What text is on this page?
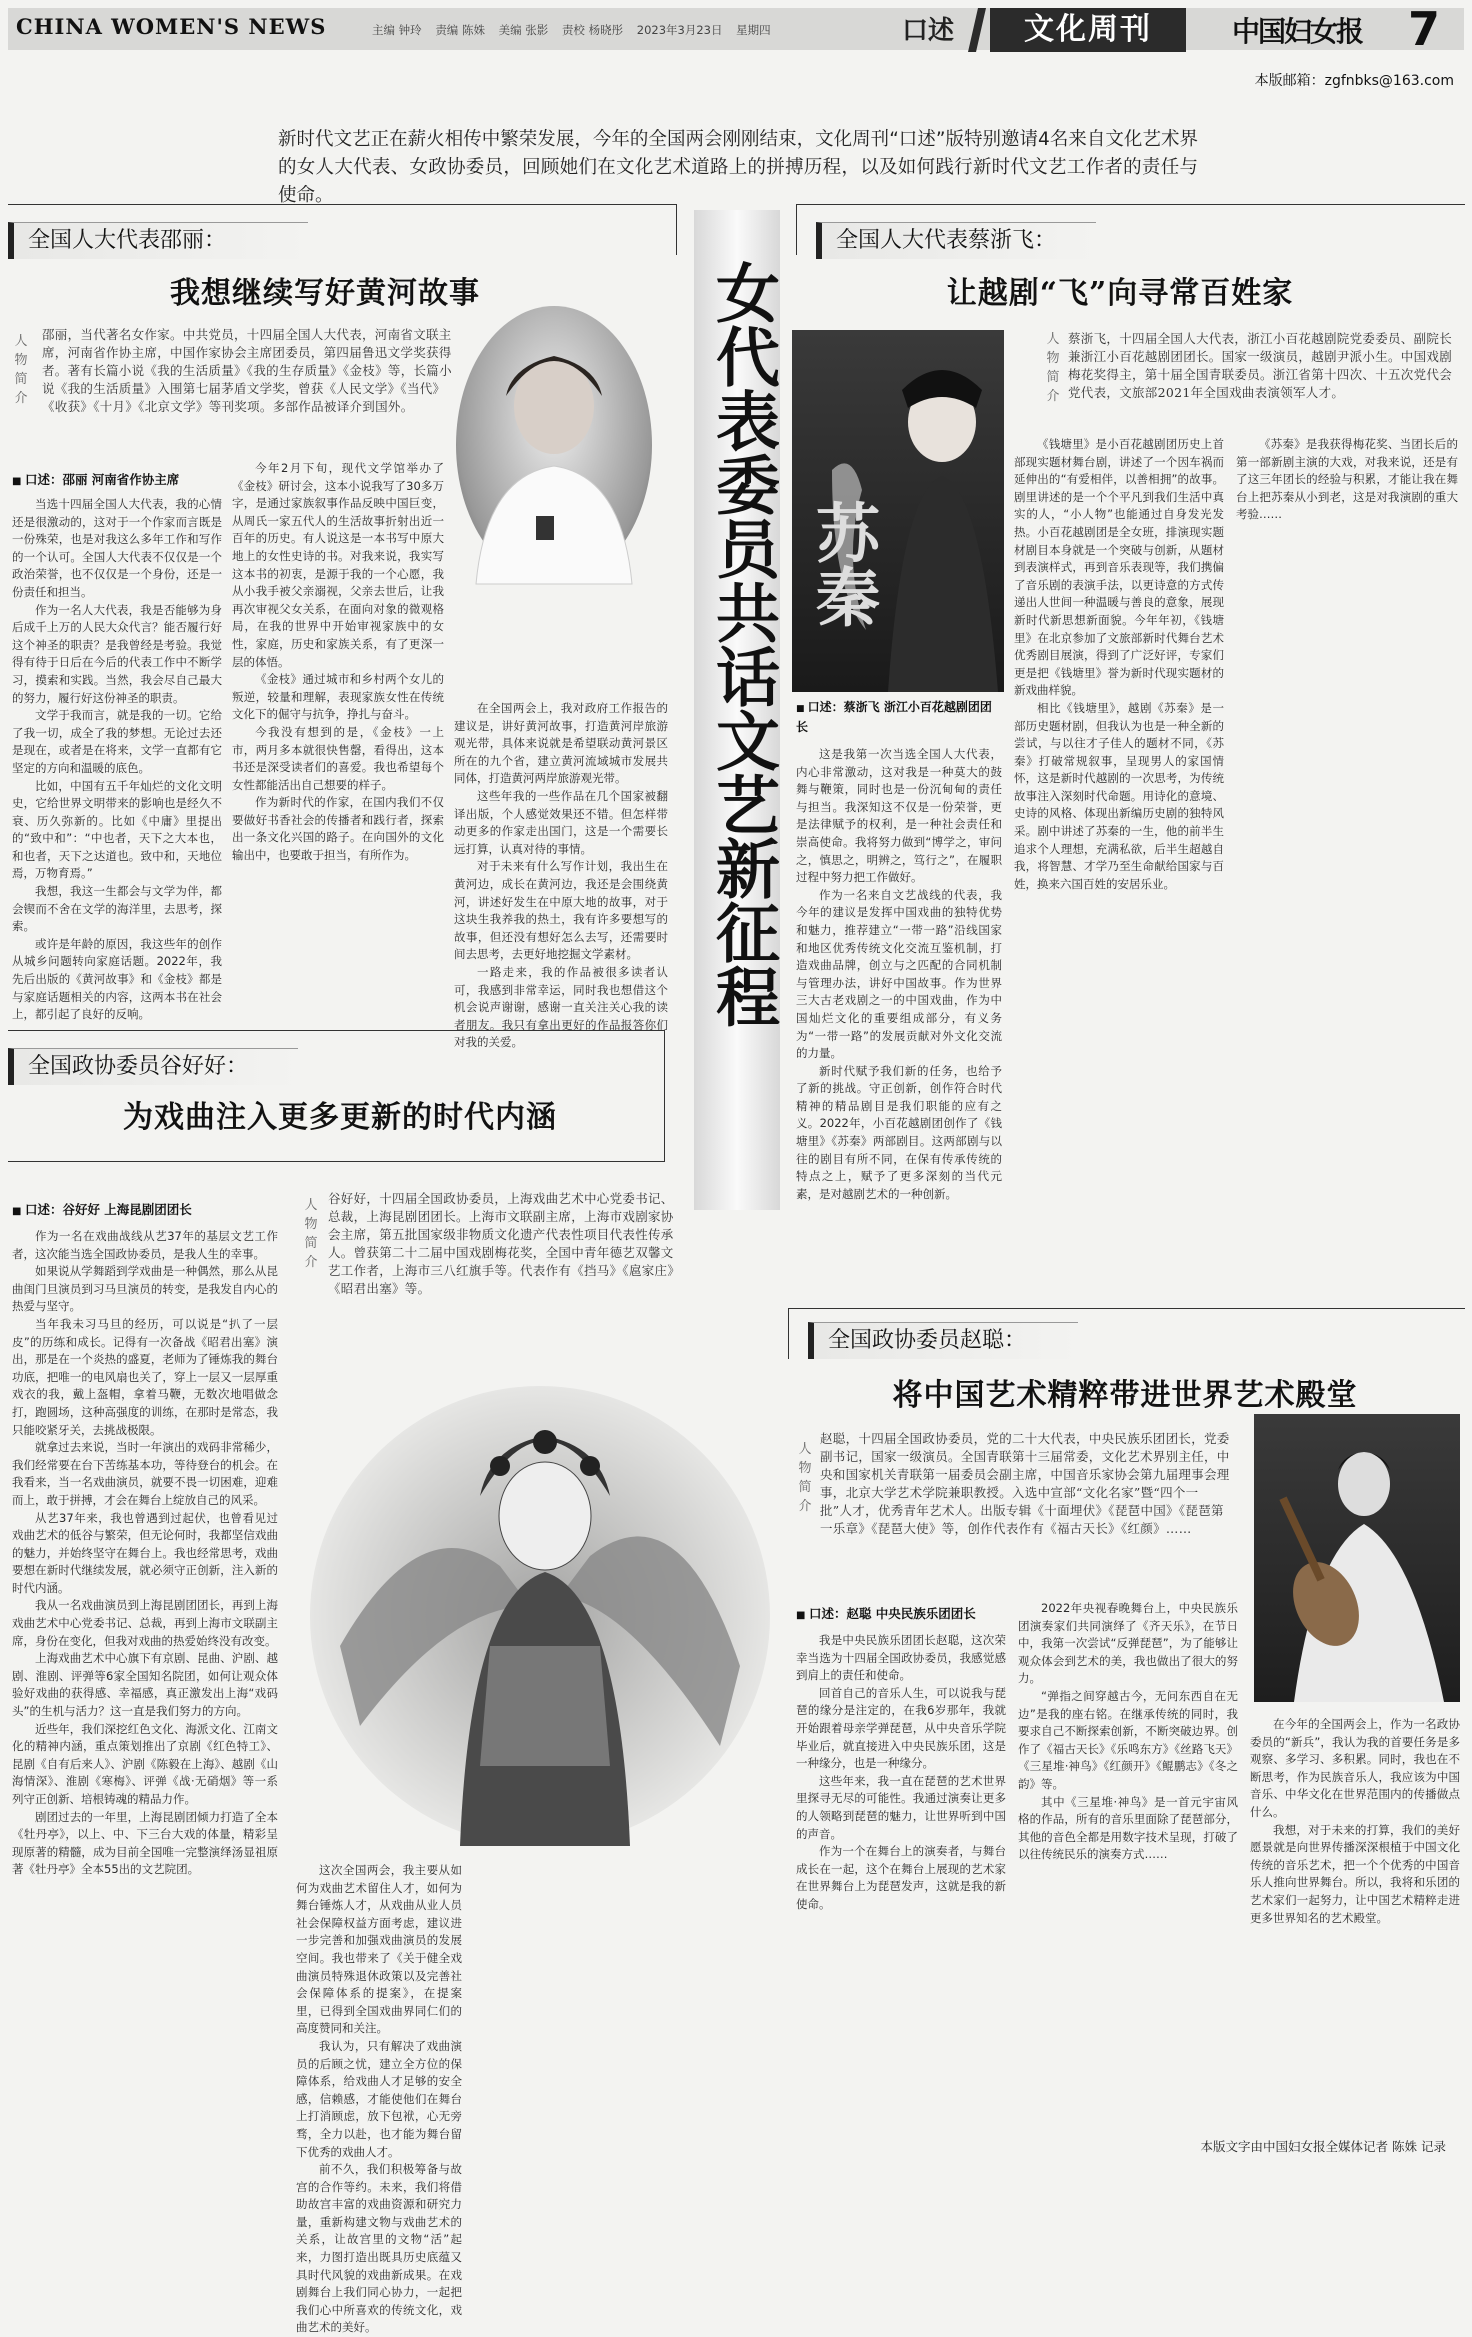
CHINA WOMEN'S NEWS	主编 钟玲 责编 陈姝 美编 张影 责校 杨晓彤 2023年3月23日 星期四	口述	文化周刊	中国妇女报 7
本版邮箱：zgfnbks@163.com
新时代文艺正在薪火相传中繁荣发展，今年的全国两会刚刚结束，文化周刊“口述”版特别邀请4名来自文化艺术界的女人大代表、女政协委员，回顾她们在文化艺术道路上的拼搏历程，以及如何践行新时代文艺工作者的责任与使命。
女代表委员共话文艺新征程
全国人大代表邵丽：
我想继续写好黄河故事
人物简介
邵丽，当代著名女作家。中共党员，十四届全国人大代表，河南省文联主席，河南省作协主席，中国作家协会主席团委员，第四届鲁迅文学奖获得者。著有长篇小说《我的生活质量》《我的生存质量》《金枝》等，长篇小说《我的生活质量》入围第七届茅盾文学奖，曾获《人民文学》《当代》《收获》《十月》《北京文学》等刊奖项。多部作品被译介到国外。
■ 口述：邵丽 河南省作协主席

当选十四届全国人大代表，我的心情还是很激动的，这对于一个作家而言既是一份殊荣，也是对我这么多年工作和写作的一个认可。全国人大代表不仅仅是一个政治荣誉，也不仅仅是一个身份，还是一份责任和担当。

作为一名人大代表，我是否能够为身后成千上万的人民大众代言？能否履行好这个神圣的职责？是我曾经是考验。我觉得有待于日后在今后的代表工作中不断学习，摸索和实践。当然，我会尽自己最大的努力，履行好这份神圣的职责。

文学于我而言，就是我的一切。它给了我一切，成全了我的梦想。无论过去还是现在，或者是在将来，文学一直都有它坚定的方向和温暖的底色。

比如，中国有五千年灿烂的文化文明史，它给世界文明带来的影响也是经久不衰、历久弥新的。比如《中庸》里提出的“致中和”：“中也者，天下之大本也，和也者，天下之达道也。致中和，天地位焉，万物育焉。”

我想，我这一生都会与文学为伴，都会锲而不舍在文学的海洋里，去思考，探索。

或许是年龄的原因，我这些年的创作从城乡问题转向家庭话题。2022年，我先后出版的《黄河故事》和《金枝》都是与家庭话题相关的内容，这两本书在社会上，都引起了良好的反响。

今年2月下旬，现代文学馆举办了《金枝》研讨会，这本小说我写了30多万字，是通过家族叙事作品反映中国巨变，从周氏一家五代人的生活故事折射出近一百年的历史。有人说这是一本书写中原大地上的女性史诗的书。对我来说，我实写这本书的初衷，是源于我的一个心愿，我从小我手被父亲溺视，父亲去世后，让我再次审视父女关系，在面向对象的微观格局，在我的世界中开始审视家族中的女性，家庭，历史和家族关系，有了更深一层的体悟。

《金枝》通过城市和乡村两个女儿的叛逆，较量和理解，表现家族女性在传统文化下的倔守与抗争，挣扎与奋斗。

今我没有想到的是，《金枝》一上市，两月多本就很快售罄，看得出，这本书还是深受读者们的喜爱。我也希望每个女性都能活出自己想要的样子。

作为新时代的作家，在国内我们不仅要做好书香社会的传播者和践行者，探索出一条文化兴国的路子。在向国外的文化输出中，也要敢于担当，有所作为。

在全国两会上，我对政府工作报告的建议是，讲好黄河故事，打造黄河岸旅游观光带，具体来说就是希望联动黄河景区所在的九个省，建立黄河流域城市发展共同体，打造黄河两岸旅游观光带。

这些年我的一些作品在几个国家被翻译出版，个人感觉效果还不错。但怎样带动更多的作家走出国门，这是一个需要长远打算，认真对待的事情。

对于未来有什么写作计划，我出生在黄河边，成长在黄河边，我还是会围绕黄河，讲述好发生在中原大地的故事，对于这块生我养我的热土，我有许多要想写的故事，但还没有想好怎么去写，还需要时间去思考，去更好地挖掘文学素材。

一路走来，我的作品被很多读者认可，我感到非常幸运，同时我也想借这个机会说声谢谢，感谢一直关注关心我的读者朋友。我只有拿出更好的作品报答你们对我的关爱。

全国人大代表蔡浙飞：
让越剧“飞”向寻常百姓家
苏秦
■ 口述：蔡浙飞 浙江小百花越剧团团长
人物简介
蔡浙飞，十四届全国人大代表，浙江小百花越剧院党委委员、副院长兼浙江小百花越剧团团长。国家一级演员，越剧尹派小生。中国戏剧梅花奖得主，第十届全国青联委员。浙江省第十四次、十五次党代会党代表，文旅部2021年全国戏曲表演领军人才。

这是我第一次当选全国人大代表，内心非常激动，这对我是一种莫大的鼓舞与鞭策，同时也是一份沉甸甸的责任与担当。我深知这不仅是一份荣誉，更是法律赋予的权利，是一种社会责任和崇高使命。我将努力做到“博学之，审问之，慎思之，明辨之，笃行之”，在履职过程中努力把工作做好。

作为一名来自文艺战线的代表，我今年的建议是发挥中国戏曲的独特优势和魅力，推荐建立“一带一路”沿线国家和地区优秀传统文化交流互鉴机制，打造戏曲品牌，创立与之匹配的合同机制与管理办法，讲好中国故事。作为世界三大古老戏剧之一的中国戏曲，作为中国灿烂文化的重要组成部分，有义务为“一带一路”的发展贡献对外文化交流的力量。

新时代赋予我们新的任务，也给予了新的挑战。守正创新，创作符合时代精神的精品剧目是我们职能的应有之义。2022年，小百花越剧团创作了《钱塘里》《苏秦》两部剧目。这两部剧与以往的剧目有所不同，在保有传承传统的特点之上，赋予了更多深刻的当代元素，是对越剧艺术的一种创新。

《钱塘里》是小百花越剧团历史上首部现实题材舞台剧，讲述了一个因车祸而延伸出的“有爱相伴，以善相拥”的故事。剧里讲述的是一个个平凡到我们生活中真实的人，“小人物”也能通过自身发光发热。小百花越剧团是全女班，排演现实题材剧目本身就是一个突破与创新，从题材到表演样式，再到音乐表现等，我们携偏了音乐剧的表演手法，以更诗意的方式传递出人世间一种温暖与善良的意象，展现新时代新思想新面貌。今年年初，《钱塘里》在北京参加了文旅部新时代舞台艺术优秀剧目展演，得到了广泛好评，专家们更是把《钱塘里》誉为新时代现实题材的新戏曲样貌。

相比《钱塘里》，越剧《苏秦》是一部历史题材剧，但我认为也是一种全新的尝试，与以往才子佳人的题材不同，《苏秦》打破常规叙事，呈现男人的家国情怀，这是新时代越剧的一次思考，为传统故事注入深刻时代命题。用诗化的意境、史诗的风格、体现出新编历史剧的独特风采。剧中讲述了苏秦的一生，他的前半生追求个人理想，充满私欲，后半生超越自我，将智慧、才学乃至生命献给国家与百姓，换来六国百姓的安居乐业。

《苏秦》是我获得梅花奖、当团长后的第一部新剧主演的大戏，对我来说，还是有了这三年团长的经验与积累，才能让我在舞台上把苏秦从小到老，这是对我演剧的重大考验……

全国政协委员谷好好：
为戏曲注入更多更新的时代内涵
人物简介
谷好好，十四届全国政协委员，上海戏曲艺术中心党委书记、总裁，上海昆剧团团长。上海市文联副主席，上海市戏剧家协会主席，第五批国家级非物质文化遗产代表性项目代表性传承人。曾获第二十二届中国戏剧梅花奖，全国中青年德艺双馨文艺工作者，上海市三八红旗手等。代表作有《挡马》《扈家庄》《昭君出塞》等。
■ 口述：谷好好 上海昆剧团团长

作为一名在戏曲战线从艺37年的基层文艺工作者，这次能当选全国政协委员，是我人生的幸事。

如果说从学舞蹈到学戏曲是一种偶然，那么从昆曲闺门旦演员到习马旦演员的转变，是我发自内心的热爱与坚守。

当年我未习马旦的经历，可以说是“扒了一层皮”的历练和成长。记得有一次备战《昭君出塞》演出，那是在一个炎热的盛夏，老师为了锤炼我的舞台功底，把唯一的电风扇也关了，穿上一层又一层厚重戏衣的我，戴上盔帽，拿着马鞭，无数次地唱做念打，跑圆场，这种高强度的训练，在那时是常态，我只能咬紧牙关，去挑战极限。

就拿过去来说，当时一年演出的戏码非常稀少，我们经常要在台下苦练基本功，等待登台的机会。在我看来，当一名戏曲演员，就要不畏一切困难，迎难而上，敢于拼搏，才会在舞台上绽放自己的风采。

从艺37年来，我也曾遇到过起伏，也曾看见过戏曲艺术的低谷与繁荣，但无论何时，我都坚信戏曲的魅力，并始终坚守在舞台上。我也经常思考，戏曲要想在新时代继续发展，就必须守正创新，注入新的时代内涵。

我从一名戏曲演员到上海昆剧团团长，再到上海戏曲艺术中心党委书记、总裁，再到上海市文联副主席，身份在变化，但我对戏曲的热爱始终没有改变。

上海戏曲艺术中心旗下有京剧、昆曲、沪剧、越剧、淮剧、评弹等6家全国知名院团，如何让观众体验好戏曲的获得感、幸福感，真正激发出上海“戏码头”的生机与活力？这一直是我们努力的方向。

近些年，我们深挖红色文化、海派文化、江南文化的精神内涵，重点策划推出了京剧《红色特工》、昆剧《自有后来人》、沪剧《陈毅在上海》、越剧《山海情深》、淮剧《寒梅》、评弹《战·无硝烟》等一系列守正创新、培根铸魂的精品力作。

剧团过去的一年里，上海昆剧团倾力打造了全本《牡丹亭》，以上、中、下三台大戏的体量，精彩呈现原著的精髓，成为目前全国唯一完整演绎汤显祖原著《牡丹亭》全本55出的文艺院团。	这次全国两会，我主要从如何为戏曲艺术留住人才，如何为舞台锤炼人才，从戏曲从业人员社会保障权益方面考虑，建议进一步完善和加强戏曲演员的发展空间。我也带来了《关于健全戏曲演员特殊退休政策以及完善社会保障体系的提案》，在提案里，已得到全国戏曲界同仁们的高度赞同和关注。

我认为，只有解决了戏曲演员的后顾之忧，建立全方位的保障体系，给戏曲人才足够的安全感，信赖感，才能使他们在舞台上打消顾虑，放下包袱，心无旁骛，全力以赴，也才能为舞台留下优秀的戏曲人才。

前不久，我们积极筹备与故宫的合作等约。未来，我们将借助故宫丰富的戏曲资源和研究力量，重新构建文物与戏曲艺术的关系，让故宫里的文物“活”起来，力图打造出既具历史底蕴又具时代风貌的戏曲新成果。在戏剧舞台上我们同心协力，一起把我们心中所喜欢的传统文化，戏曲艺术的美好。

全国政协委员赵聪：
将中国艺术精粹带进世界艺术殿堂
人物简介
赵聪，十四届全国政协委员，党的二十大代表，中央民族乐团团长，党委副书记，国家一级演员。全国青联第十三届常委，文化艺术界别主任，中央和国家机关青联第一届委员会副主席，中国音乐家协会第九届理事会理事，北京大学艺术学院兼职教授。入选中宣部“文化名家”暨“四个一批”人才，优秀青年艺术人。出版专辑《十面埋伏》《琵琶中国》《琵琶第一乐章》《琵琶大使》等，创作代表作有《福古天长》《红颜》……
■ 口述：赵聪 中央民族乐团团长

我是中央民族乐团团长赵聪，这次荣幸当选为十四届全国政协委员，我感觉感到肩上的责任和使命。

回首自己的音乐人生，可以说我与琵琶的缘分是注定的，在我6岁那年，我就开始跟着母亲学弹琵琶，从中央音乐学院毕业后，就直接进入中央民族乐团，这是一种缘分，也是一种缘分。

这些年来，我一直在琵琶的艺术世界里探寻无尽的可能性。我通过演奏让更多的人领略到琵琶的魅力，让世界听到中国的声音。

作为一个在舞台上的演奏者，与舞台成长在一起，这个在舞台上展现的艺术家在世界舞台上为琵琶发声，这就是我的新使命。

2022年央视春晚舞台上，中央民族乐团演奏家们共同演绎了《齐天乐》，在节日中，我第一次尝试“反弹琵琶”，为了能够让观众体会到艺术的美，我也做出了很大的努力。

“弹指之间穿越古今，无问东西自在无边”是我的座右铭。在继承传统的同时，我要求自己不断探索创新，不断突破边界。创作了《福古天长》《乐鸣东方》《丝路飞天》《三星堆·神鸟》《红颜开》《鲲鹏志》《冬之韵》等。

其中《三星堆·神鸟》是一首元宇宙风格的作品，所有的音乐里面除了琵琶部分，其他的音色全都是用数字技术呈现，打破了以往传统民乐的演奏方式……

在今年的全国两会上，作为一名政协委员的“新兵”，我认为我的首要任务是多观察、多学习、多积累。同时，我也在不断思考，作为民族音乐人，我应该为中国音乐、中华文化在世界范围内的传播做点什么。

我想，对于未来的打算，我们的美好愿景就是向世界传播深深根植于中国文化传统的音乐艺术，把一个个优秀的中国音乐人推向世界舞台。所以，我将和乐团的艺术家们一起努力，让中国艺术精粹走进更多世界知名的艺术殿堂。

本版文字由中国妇女报全媒体记者 陈姝 记录
